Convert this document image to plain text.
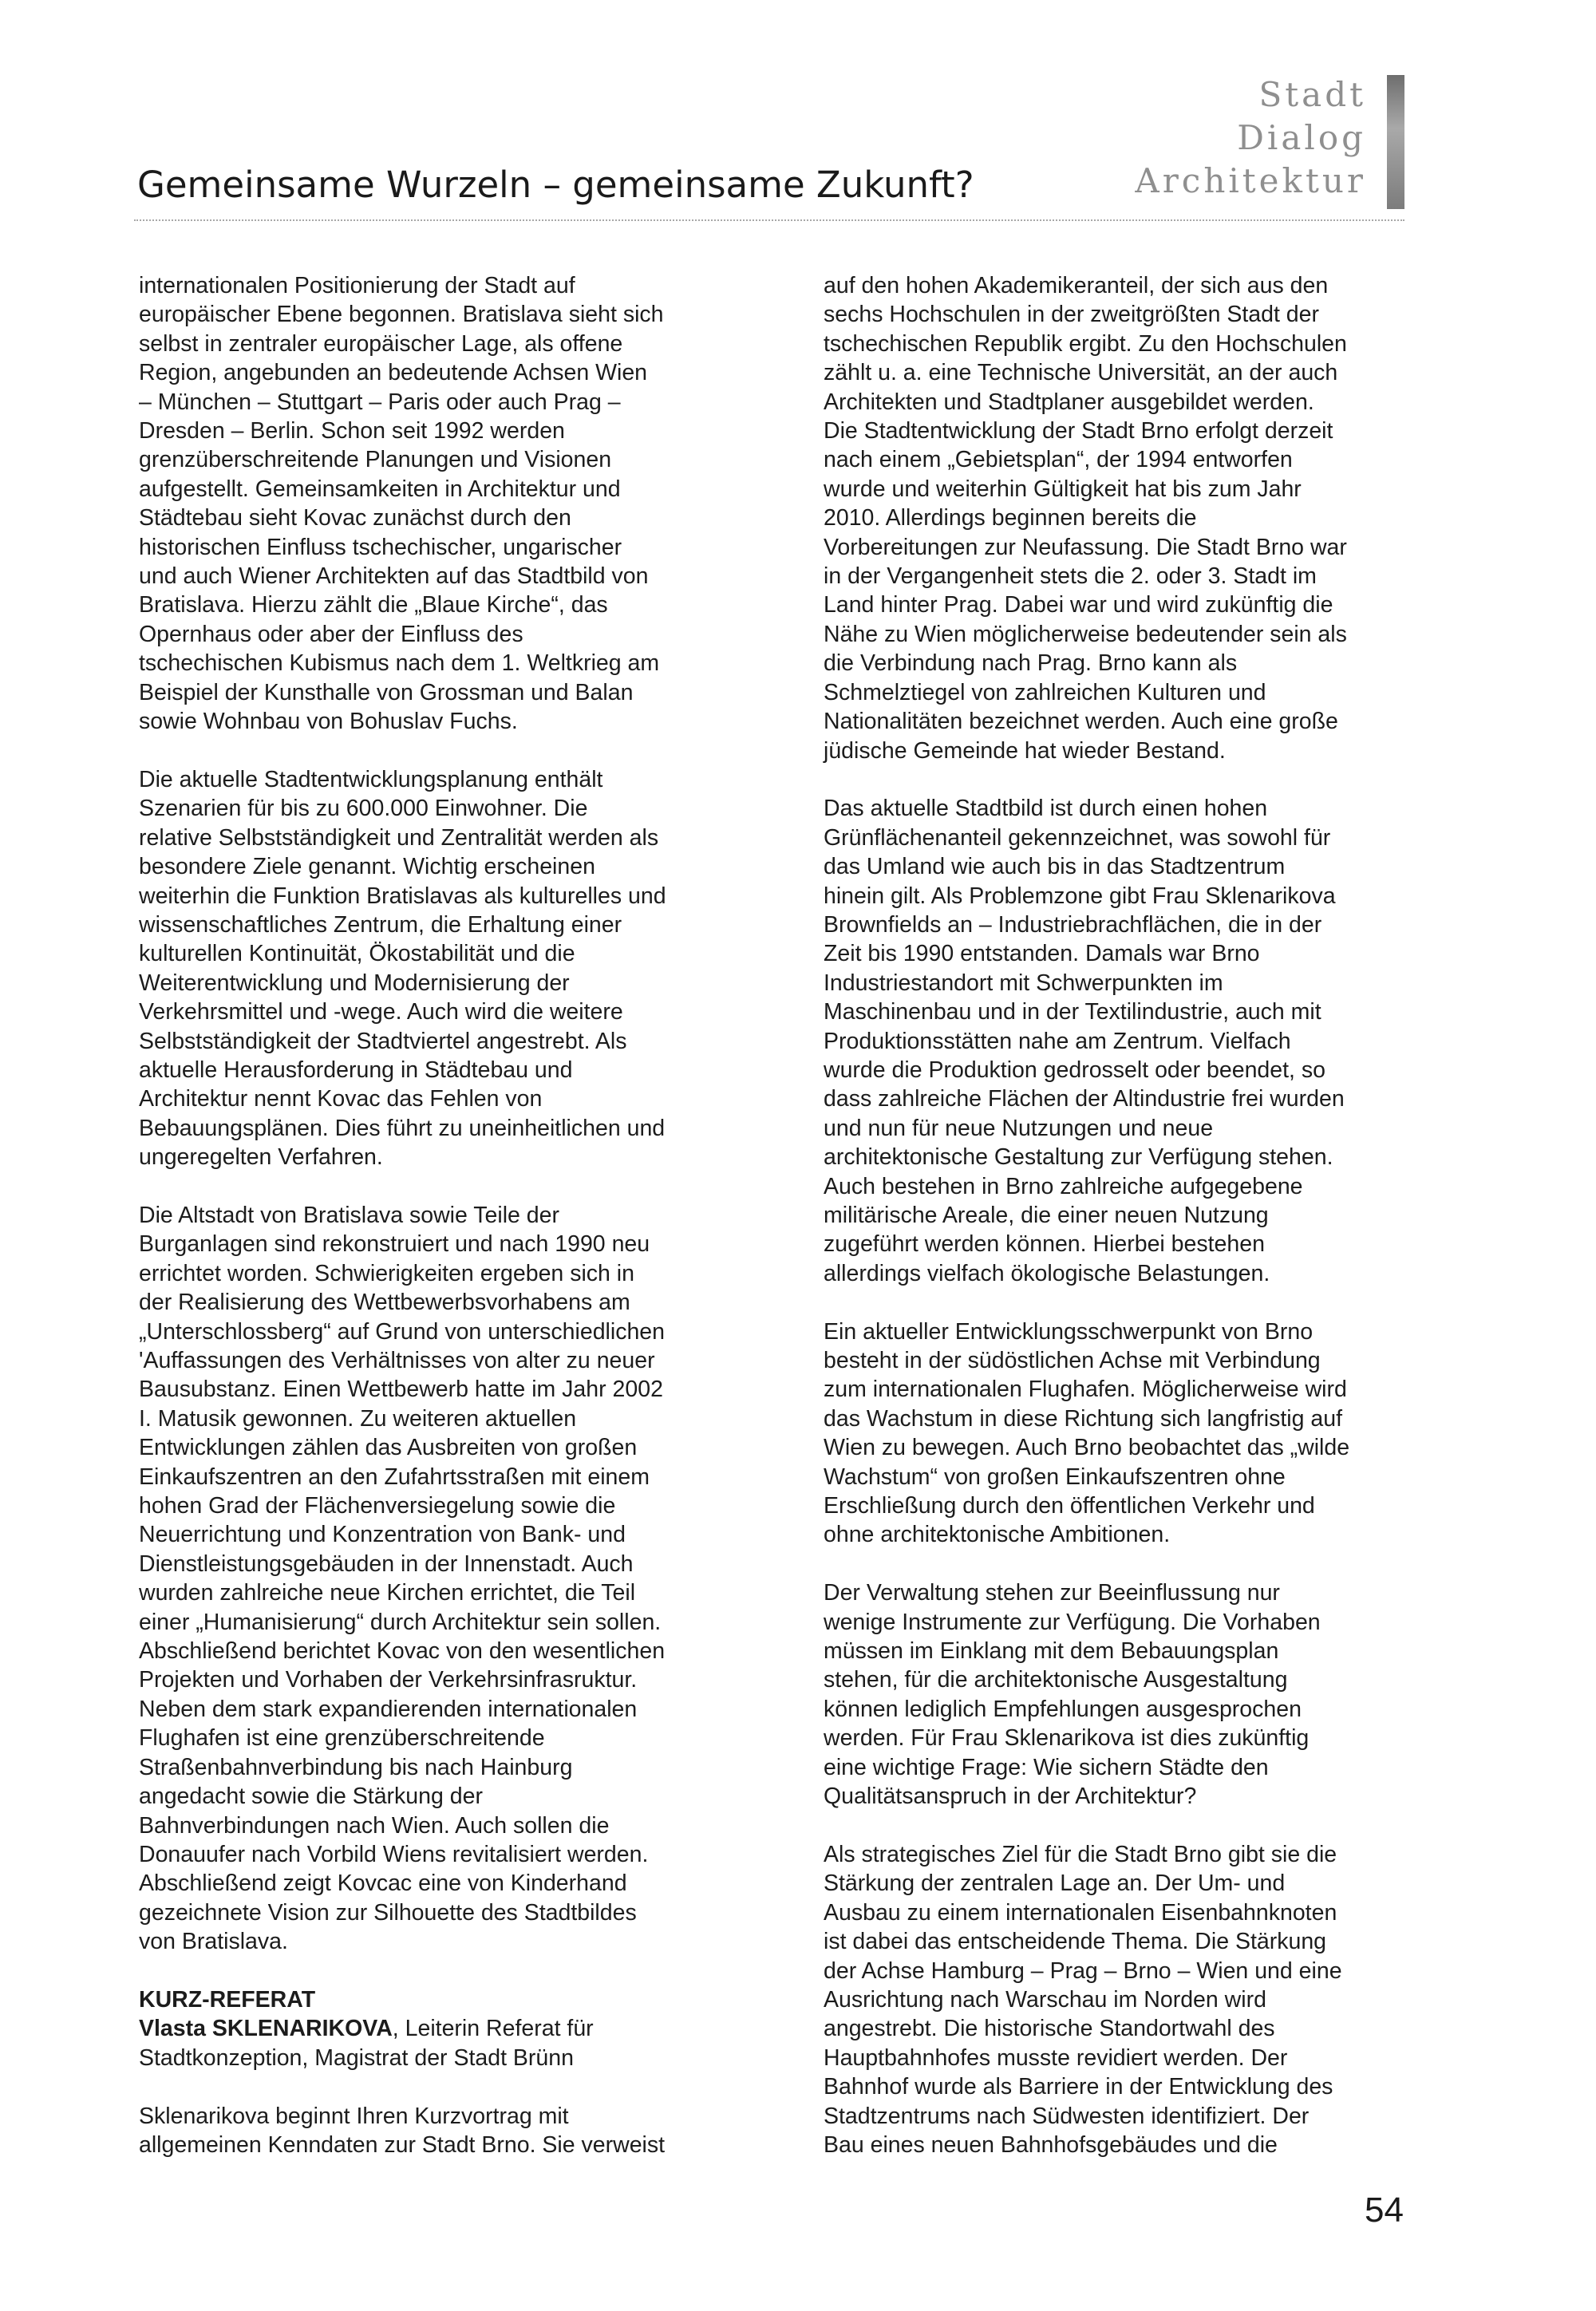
Gemeinsame Wurzeln – gemeinsame Zukunft?
Stadt
Dialog
Architektur

internationalen Positionierung der Stadt auf
europäischer Ebene begonnen. Bratislava sieht sich
selbst in zentraler europäischer Lage, als offene
Region, angebunden an bedeutende Achsen Wien
– München – Stuttgart – Paris oder auch Prag –
Dresden – Berlin. Schon seit 1992 werden
grenzüberschreitende Planungen und Visionen
aufgestellt. Gemeinsamkeiten in Architektur und
Städtebau sieht Kovac zunächst durch den
historischen Einfluss tschechischer, ungarischer
und auch Wiener Architekten auf das Stadtbild von
Bratislava. Hierzu zählt die „Blaue Kirche“, das
Opernhaus oder aber der Einfluss des
tschechischen Kubismus nach dem 1. Weltkrieg am
Beispiel der Kunsthalle von Grossman und Balan
sowie Wohnbau von Bohuslav Fuchs.

Die aktuelle Stadtentwicklungsplanung enthält
Szenarien für bis zu 600.000 Einwohner. Die
relative Selbstständigkeit und Zentralität werden als
besondere Ziele genannt. Wichtig erscheinen
weiterhin die Funktion Bratislavas als kulturelles und
wissenschaftliches Zentrum, die Erhaltung einer
kulturellen Kontinuität, Ökostabilität und die
Weiterentwicklung und Modernisierung der
Verkehrsmittel und -wege. Auch wird die weitere
Selbstständigkeit der Stadtviertel angestrebt. Als
aktuelle Herausforderung in Städtebau und
Architektur nennt Kovac das Fehlen von
Bebauungsplänen. Dies führt zu uneinheitlichen und
ungeregelten Verfahren.

Die Altstadt von Bratislava sowie Teile der
Burganlagen sind rekonstruiert und nach 1990 neu
errichtet worden. Schwierigkeiten ergeben sich in
der Realisierung des Wettbewerbsvorhabens am
„Unterschlossberg“ auf Grund von unterschiedlichen
'Auffassungen des Verhältnisses von alter zu neuer
Bausubstanz. Einen Wettbewerb hatte im Jahr 2002
I. Matusik gewonnen. Zu weiteren aktuellen
Entwicklungen zählen das Ausbreiten von großen
Einkaufszentren an den Zufahrtsstraßen mit einem
hohen Grad der Flächenversiegelung sowie die
Neuerrichtung und Konzentration von Bank- und
Dienstleistungsgebäuden in der Innenstadt. Auch
wurden zahlreiche neue Kirchen errichtet, die Teil
einer „Humanisierung“ durch Architektur sein sollen.
Abschließend berichtet Kovac von den wesentlichen
Projekten und Vorhaben der Verkehrsinfrasruktur.
Neben dem stark expandierenden internationalen
Flughafen ist eine grenzüberschreitende
Straßenbahnverbindung bis nach Hainburg
angedacht sowie die Stärkung der
Bahnverbindungen nach Wien. Auch sollen die
Donauufer nach Vorbild Wiens revitalisiert werden.
Abschließend zeigt Kovcac eine von Kinderhand
gezeichnete Vision zur Silhouette des Stadtbildes
von Bratislava.

KURZ-REFERAT

Vlasta SKLENARIKOVA, Leiterin Referat für
Stadtkonzeption, Magistrat der Stadt Brünn

Sklenarikova beginnt Ihren Kurzvortrag mit
allgemeinen Kenndaten zur Stadt Brno. Sie verweist

auf den hohen Akademikeranteil, der sich aus den
sechs Hochschulen in der zweitgrößten Stadt der
tschechischen Republik ergibt. Zu den Hochschulen
zählt u. a. eine Technische Universität, an der auch
Architekten und Stadtplaner ausgebildet werden.
Die Stadtentwicklung der Stadt Brno erfolgt derzeit
nach einem „Gebietsplan“, der 1994 entworfen
wurde und weiterhin Gültigkeit hat bis zum Jahr
2010. Allerdings beginnen bereits die
Vorbereitungen zur Neufassung. Die Stadt Brno war
in der Vergangenheit stets die 2. oder 3. Stadt im
Land hinter Prag. Dabei war und wird zukünftig die
Nähe zu Wien möglicherweise bedeutender sein als
die Verbindung nach Prag. Brno kann als
Schmelztiegel von zahlreichen Kulturen und
Nationalitäten bezeichnet werden. Auch eine große
jüdische Gemeinde hat wieder Bestand.

Das aktuelle Stadtbild ist durch einen hohen
Grünflächenanteil gekennzeichnet, was sowohl für
das Umland wie auch bis in das Stadtzentrum
hinein gilt. Als Problemzone gibt Frau Sklenarikova
Brownfields an – Industriebrachflächen, die in der
Zeit bis 1990 entstanden. Damals war Brno
Industriestandort mit Schwerpunkten im
Maschinenbau und in der Textilindustrie, auch mit
Produktionsstätten nahe am Zentrum. Vielfach
wurde die Produktion gedrosselt oder beendet, so
dass zahlreiche Flächen der Altindustrie frei wurden
und nun für neue Nutzungen und neue
architektonische Gestaltung zur Verfügung stehen.
Auch bestehen in Brno zahlreiche aufgegebene
militärische Areale, die einer neuen Nutzung
zugeführt werden können. Hierbei bestehen
allerdings vielfach ökologische Belastungen.

Ein aktueller Entwicklungsschwerpunkt von Brno
besteht in der südöstlichen Achse mit Verbindung
zum internationalen Flughafen. Möglicherweise wird
das Wachstum in diese Richtung sich langfristig auf
Wien zu bewegen. Auch Brno beobachtet das „wilde
Wachstum“ von großen Einkaufszentren ohne
Erschließung durch den öffentlichen Verkehr und
ohne architektonische Ambitionen.

Der Verwaltung stehen zur Beeinflussung nur
wenige Instrumente zur Verfügung. Die Vorhaben
müssen im Einklang mit dem Bebauungsplan
stehen, für die architektonische Ausgestaltung
können lediglich Empfehlungen ausgesprochen
werden. Für Frau Sklenarikova ist dies zukünftig
eine wichtige Frage: Wie sichern Städte den
Qualitätsanspruch in der Architektur?

Als strategisches Ziel für die Stadt Brno gibt sie die
Stärkung der zentralen Lage an. Der Um- und
Ausbau zu einem internationalen Eisenbahnknoten
ist dabei das entscheidende Thema. Die Stärkung
der Achse Hamburg – Prag – Brno – Wien und eine
Ausrichtung nach Warschau im Norden wird
angestrebt. Die historische Standortwahl des
Hauptbahnhofes musste revidiert werden. Der
Bahnhof wurde als Barriere in der Entwicklung des
Stadtzentrums nach Südwesten identifiziert. Der
Bau eines neuen Bahnhofsgebäudes und die

54
